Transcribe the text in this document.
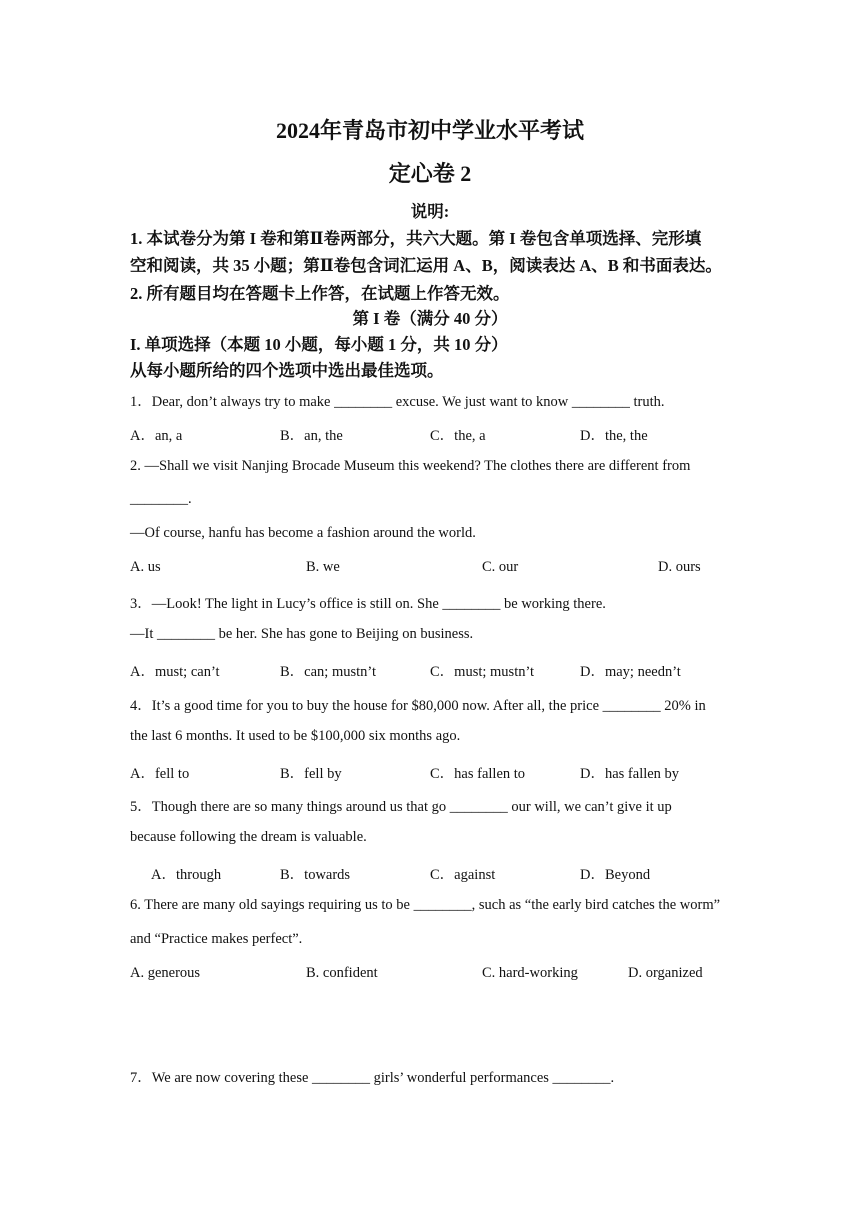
2024年青岛市初中学业水平考试
定心卷 2
说明:
1. 本试卷分为第 I 卷和第Ⅱ卷两部分，共六大题。第 I 卷包含单项选择、完形填
空和阅读，共 35 小题；第Ⅱ卷包含词汇运用 A、B，阅读表达 A、B 和书面表达。
2. 所有题目均在答题卡上作答，在试题上作答无效。
第 I 卷（满分 40 分）
I. 单项选择（本题 10 小题，每小题 1 分，共 10 分）
从每小题所给的四个选项中选出最佳选项。
1．Dear, don’t always try to make ________ excuse. We just want to know ________ truth.
A．an, a	B．an, the	C．the, a	D．the, the
2. —Shall we visit Nanjing Brocade Museum this weekend? The clothes there are different from
________.
—Of course, hanfu has become a fashion around the world.
A. us	B. we	C. our	D. ours
3．—Look! The light in Lucy’s office is still on. She ________ be working there.
—It ________ be her. She has gone to Beijing on business.
A．must; can’t	B．can; mustn’t	C．must; mustn’t	D．may; needn’t
4．It’s a good time for you to buy the house for $80,000 now. After all, the price ________ 20% in
the last 6 months. It used to be $100,000 six months ago.
A．fell to	B．fell by	C．has fallen to	D．has fallen by
5．Though there are so many things around us that go ________ our will, we can’t give it up
because following the dream is valuable.
A．through	B．towards	C．against	D．Beyond
6. There are many old sayings requiring us to be ________, such as “the early bird catches the worm”
and “Practice makes perfect”.
A. generous	B. confident	C. hard-working	D. organized
7．We are now covering these ________ girls’ wonderful performances ________.
